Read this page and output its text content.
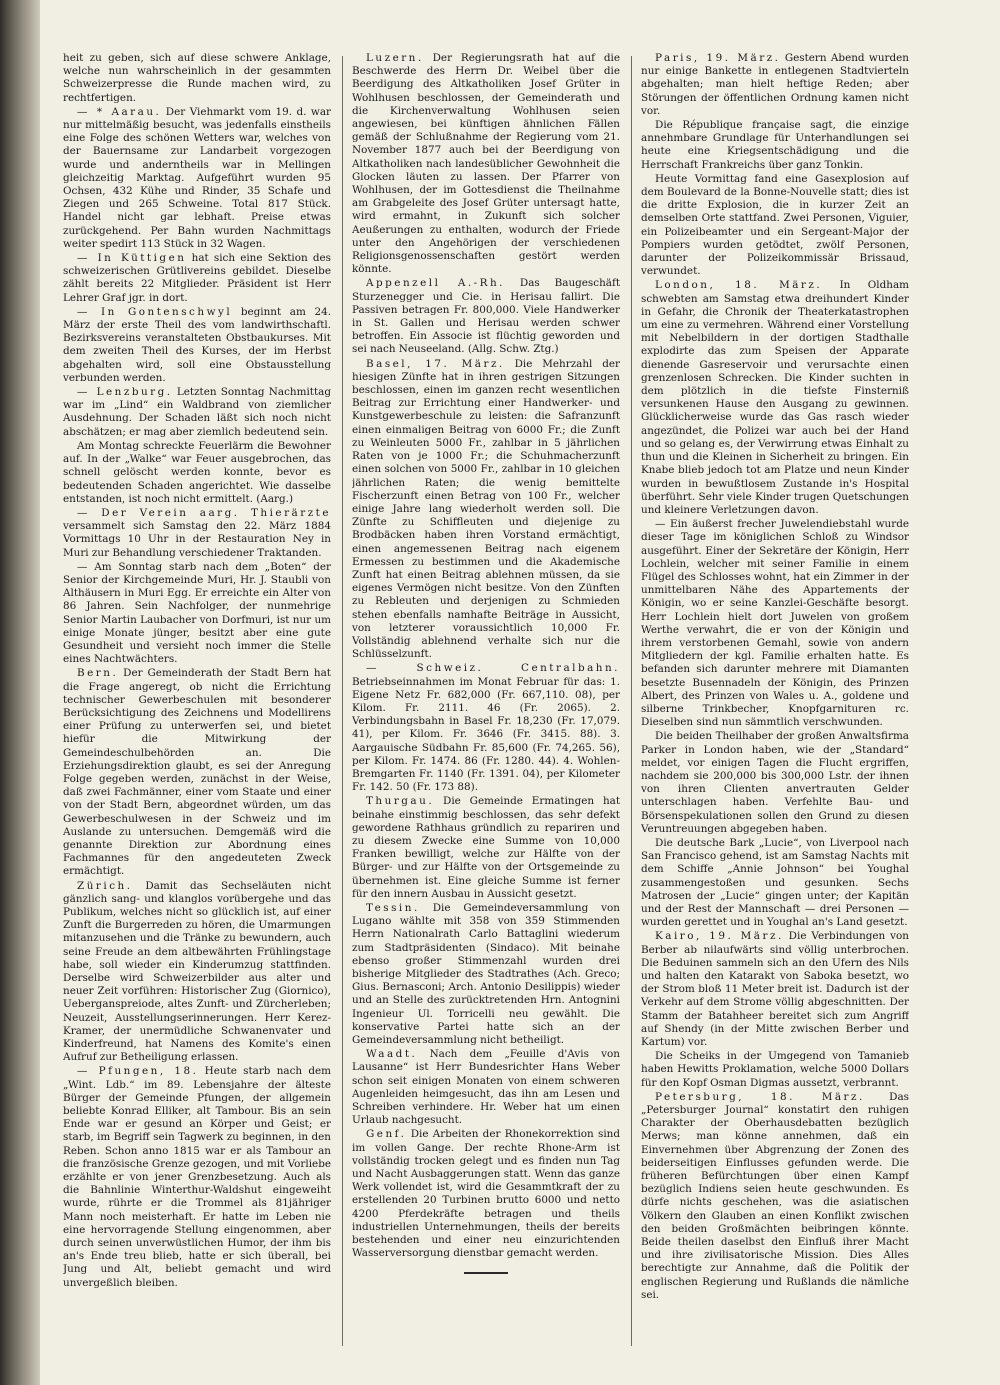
heit zu geben, sich auf diese schwere Anklage, welche nun wahrscheinlich in der gesammten Schweizerpresse die Runde machen wird, zu rechtfertigen.

— * Aarau. Der Viehmarkt vom 19. d. war nur mittelmäßig besucht, was jedenfalls einstheils eine Folge des schönen Wetters war, welches von der Bauernsame zur Landarbeit vorgezogen wurde und anderntheils war in Mellingen gleichzeitig Marktag. Aufgeführt wurden 95 Ochsen, 432 Kühe und Rinder, 35 Schafe und Ziegen und 265 Schweine. Total 817 Stück. Handel nicht gar lebhaft. Preise etwas zurückgehend. Per Bahn wurden Nachmittags weiter spedirt 113 Stück in 32 Wagen.

— In Küttigen hat sich eine Sektion des schweizerischen Grütlivereins gebildet. Dieselbe zählt bereits 22 Mitglieder. Präsident ist Herr Lehrer Graf jgr. in dort.

— In Gontenschwyl beginnt am 24. März der erste Theil des vom landwirthschaftl. Bezirksvereins veranstalteten Obstbaukurses. Mit dem zweiten Theil des Kurses, der im Herbst abgehalten wird, soll eine Obstausstellung verbunden werden.

— Lenzburg. Letzten Sonntag Nachmittag war im „Lind“ ein Waldbrand von ziemlicher Ausdehnung. Der Schaden läßt sich noch nicht abschätzen; er mag aber ziemlich bedeutend sein.

Am Montag schreckte Feuerlärm die Bewohner auf. In der „Walke“ war Feuer ausgebrochen, das schnell gelöscht werden konnte, bevor es bedeutenden Schaden angerichtet. Wie dasselbe entstanden, ist noch nicht ermittelt. (Aarg.)

— Der Verein aarg. Thierärzte versammelt sich Samstag den 22. März 1884 Vormittags 10 Uhr in der Restauration Ney in Muri zur Behandlung verschiedener Traktanden.

— Am Sonntag starb nach dem „Boten“ der Senior der Kirchgemeinde Muri, Hr. J. Staubli von Althäusern in Muri Egg. Er erreichte ein Alter von 86 Jahren. Sein Nachfolger, der nunmehrige Senior Martin Laubacher von Dorfmuri, ist nur um einige Monate jünger, besitzt aber eine gute Gesundheit und versieht noch immer die Stelle eines Nachtwächters.

Bern. Der Gemeinderath der Stadt Bern hat die Frage angeregt, ob nicht die Errichtung technischer Gewerbeschulen mit besonderer Berücksichtigung des Zeichnens und Modellirens einer Prüfung zu unterwerfen sei, und bietet hiefür die Mitwirkung der Gemeindeschulbehörden an. Die Erziehungsdirektion glaubt, es sei der Anregung Folge gegeben werden, zunächst in der Weise, daß zwei Fachmänner, einer vom Staate und einer von der Stadt Bern, abgeordnet würden, um das Gewerbeschulwesen in der Schweiz und im Auslande zu untersuchen. Demgemäß wird die genannte Direktion zur Abordnung eines Fachmannes für den angedeuteten Zweck ermächtigt.

Zürich. Damit das Sechseläuten nicht gänzlich sang- und klanglos vorübergehe und das Publikum, welches nicht so glücklich ist, auf einer Zunft die Burgerreden zu hören, die Umarmungen mitanzusehen und die Tränke zu bewundern, auch seine Freude an dem altbewährten Frühlingstage habe, soll wieder ein Kinderumzug stattfinden. Derselbe wird Schweizerbilder aus alter und neuer Zeit vorführen: Historischer Zug (Giornico), Ueberganspreiode, altes Zunft- und Zürcherleben; Neuzeit, Ausstellungserinnerungen. Herr Kerez-Kramer, der unermüdliche Schwanenvater und Kinderfreund, hat Namens des Komite's einen Aufruf zur Betheiligung erlassen.

— Pfungen, 18. Heute starb nach dem „Wint. Ldb.“ im 89. Lebensjahre der älteste Bürger der Gemeinde Pfungen, der allgemein beliebte Konrad Elliker, alt Tambour. Bis an sein Ende war er gesund an Körper und Geist; er starb, im Begriff sein Tagwerk zu beginnen, in den Reben. Schon anno 1815 war er als Tambour an die französische Grenze gezogen, und mit Vorliebe erzählte er von jener Grenzbesetzung. Auch als die Bahnlinie Winterthur-Waldshut eingeweiht wurde, rührte er die Trommel als 81jähriger Mann noch meisterhaft. Er hatte im Leben nie eine hervorragende Stellung eingenommen, aber durch seinen unverwüstlichen Humor, der ihm bis an's Ende treu blieb, hatte er sich überall, bei Jung und Alt, beliebt gemacht und wird unvergeßlich bleiben.

Luzern. Der Regierungsrath hat auf die Beschwerde des Herrn Dr. Weibel über die Beerdigung des Altkatholiken Josef Grüter in Wohlhusen beschlossen, der Gemeinderath und die Kirchenverwaltung Wohlhusen seien angewiesen, bei künftigen ähnlichen Fällen gemäß der Schlußnahme der Regierung vom 21. November 1877 auch bei der Beerdigung von Altkatholiken nach landesüblicher Gewohnheit die Glocken läuten zu lassen. Der Pfarrer von Wohlhusen, der im Gottesdienst die Theilnahme am Grabgeleite des Josef Grüter untersagt hatte, wird ermahnt, in Zukunft sich solcher Aeußerungen zu enthalten, wodurch der Friede unter den Angehörigen der verschiedenen Religionsgenossenschaften gestört werden könnte.

Appenzell A.-Rh. Das Baugeschäft Sturzenegger und Cie. in Herisau fallirt. Die Passiven betragen Fr. 800,000. Viele Handwerker in St. Gallen und Herisau werden schwer betroffen. Ein Associe ist flüchtig geworden und sei nach Neuseeland. (Allg. Schw. Ztg.)

Basel, 17. März. Die Mehrzahl der hiesigen Zünfte hat in ihren gestrigen Sitzungen beschlossen, einen im ganzen recht wesentlichen Beitrag zur Errichtung einer Handwerker- und Kunstgewerbeschule zu leisten: die Safranzunft einen einmaligen Beitrag von 6000 Fr.; die Zunft zu Weinleuten 5000 Fr., zahlbar in 5 jährlichen Raten von je 1000 Fr.; die Schuhmacherzunft einen solchen von 5000 Fr., zahlbar in 10 gleichen jährlichen Raten; die wenig bemittelte Fischerzunft einen Betrag von 100 Fr., welcher einige Jahre lang wiederholt werden soll. Die Zünfte zu Schiffleuten und diejenige zu Brodbäcken haben ihren Vorstand ermächtigt, einen angemessenen Beitrag nach eigenem Ermessen zu bestimmen und die Akademische Zunft hat einen Beitrag ablehnen müssen, da sie eigenes Vermögen nicht besitze. Von den Zünften zu Rebleuten und derjenigen zu Schmieden stehen ebenfalls namhafte Beiträge in Aussicht, von letzterer voraussichtlich 10,000 Fr. Vollständig ablehnend verhalte sich nur die Schlüsselzunft.

— Schweiz. Centralbahn. Betriebseinnahmen im Monat Februar für das: 1. Eigene Netz Fr. 682,000 (Fr. 667,110. 08), per Kilom. Fr. 2111. 46 (Fr. 2065). 2. Verbindungsbahn in Basel Fr. 18,230 (Fr. 17,079. 41), per Kilom. Fr. 3646 (Fr. 3415. 88). 3. Aargauische Südbahn Fr. 85,600 (Fr. 74,265. 56), per Kilom. Fr. 1474. 86 (Fr. 1280. 44). 4. Wohlen-Bremgarten Fr. 1140 (Fr. 1391. 04), per Kilometer Fr. 142. 50 (Fr. 173 88).

Thurgau. Die Gemeinde Ermatingen hat beinahe einstimmig beschlossen, das sehr defekt gewordene Rathhaus gründlich zu repariren und zu diesem Zwecke eine Summe von 10,000 Franken bewilligt, welche zur Hälfte von der Bürger- und zur Hälfte von der Ortsgemeinde zu übernehmen ist. Eine gleiche Summe ist ferner für den innern Ausbau in Aussicht gesetzt.

Tessin. Die Gemeindeversammlung von Lugano wählte mit 358 von 359 Stimmenden Herrn Nationalrath Carlo Battaglini wiederum zum Stadtpräsidenten (Sindaco). Mit beinahe ebenso großer Stimmenzahl wurden drei bisherige Mitglieder des Stadtrathes (Ach. Greco; Gius. Bernasconi; Arch. Antonio Desilippis) wieder und an Stelle des zurücktretenden Hrn. Antognini Ingenieur Ul. Torricelli neu gewählt. Die konservative Partei hatte sich an der Gemeindeversammlung nicht betheiligt.

Waadt. Nach dem „Feuille d'Avis von Lausanne“ ist Herr Bundesrichter Hans Weber schon seit einigen Monaten von einem schweren Augenleiden heimgesucht, das ihn am Lesen und Schreiben verhindere. Hr. Weber hat um einen Urlaub nachgesucht.

Genf. Die Arbeiten der Rhonekorrektion sind im vollen Gange. Der rechte Rhone-Arm ist vollständig trocken gelegt und es finden nun Tag und Nacht Ausbaggerungen statt. Wenn das ganze Werk vollendet ist, wird die Gesammtkraft der zu erstellenden 20 Turbinen brutto 6000 und netto 4200 Pferdekräfte betragen und theils industriellen Unternehmungen, theils der bereits bestehenden und einer neu einzurichtenden Wasserversorgung dienstbar gemacht werden.

Paris, 19. März. Gestern Abend wurden nur einige Bankette in entlegenen Stadtvierteln abgehalten; man hielt heftige Reden; aber Störungen der öffentlichen Ordnung kamen nicht vor.

Die République française sagt, die einzige annehmbare Grundlage für Unterhandlungen sei heute eine Kriegsentschädigung und die Herrschaft Frankreichs über ganz Tonkin.

Heute Vormittag fand eine Gasexplosion auf dem Boulevard de la Bonne-Nouvelle statt; dies ist die dritte Explosion, die in kurzer Zeit an demselben Orte stattfand. Zwei Personen, Viguier, ein Polizeibeamter und ein Sergeant-Major der Pompiers wurden getödtet, zwölf Personen, darunter der Polizeikommissär Brissaud, verwundet.

London, 18. März. In Oldham schwebten am Samstag etwa dreihundert Kinder in Gefahr, die Chronik der Theaterkatastrophen um eine zu vermehren. Während einer Vorstellung mit Nebelbildern in der dortigen Stadthalle explodirte das zum Speisen der Apparate dienende Gasreservoir und verursachte einen grenzenlosen Schrecken. Die Kinder suchten in dem plötzlich in die tiefste Finsterniß versunkenen Hause den Ausgang zu gewinnen. Glücklicherweise wurde das Gas rasch wieder angezündet, die Polizei war auch bei der Hand und so gelang es, der Verwirrung etwas Einhalt zu thun und die Kleinen in Sicherheit zu bringen. Ein Knabe blieb jedoch tot am Platze und neun Kinder wurden in bewußtlosem Zustande in's Hospital überführt. Sehr viele Kinder trugen Quetschungen und kleinere Verletzungen davon.

— Ein äußerst frecher Juwelendiebstahl wurde dieser Tage im königlichen Schloß zu Windsor ausgeführt. Einer der Sekretäre der Königin, Herr Lochlein, welcher mit seiner Familie in einem Flügel des Schlosses wohnt, hat ein Zimmer in der unmittelbaren Nähe des Appartements der Königin, wo er seine Kanzlei-Geschäfte besorgt. Herr Lochlein hielt dort Juwelen von großem Werthe verwahrt, die er von der Königin und ihrem verstorbenen Gemahl, sowie von andern Mitgliedern der kgl. Familie erhalten hatte. Es befanden sich darunter mehrere mit Diamanten besetzte Busennadeln der Königin, des Prinzen Albert, des Prinzen von Wales u. A., goldene und silberne Trinkbecher, Knopfgarnituren rc. Dieselben sind nun sämmtlich verschwunden.

Die beiden Theilhaber der großen Anwaltsfirma Parker in London haben, wie der „Standard“ meldet, vor einigen Tagen die Flucht ergriffen, nachdem sie 200,000 bis 300,000 Lstr. der ihnen von ihren Clienten anvertrauten Gelder unterschlagen haben. Verfehlte Bau- und Börsenspekulationen sollen den Grund zu diesen Veruntreuungen abgegeben haben.

Die deutsche Bark „Lucie“, von Liverpool nach San Francisco gehend, ist am Samstag Nachts mit dem Schiffe „Annie Johnson“ bei Youghal zusammengestoßen und gesunken. Sechs Matrosen der „Lucie“ gingen unter; der Kapitän und der Rest der Mannschaft — drei Personen — wurden gerettet und in Youghal an's Land gesetzt.

Kairo, 19. März. Die Verbindungen von Berber ab nilaufwärts sind völlig unterbrochen. Die Beduinen sammeln sich an den Ufern des Nils und halten den Katarakt von Saboka besetzt, wo der Strom bloß 11 Meter breit ist. Dadurch ist der Verkehr auf dem Strome völlig abgeschnitten. Der Stamm der Batahheer bereitet sich zum Angriff auf Shendy (in der Mitte zwischen Berber und Kartum) vor.

Die Scheiks in der Umgegend von Tamanieb haben Hewitts Proklamation, welche 5000 Dollars für den Kopf Osman Digmas aussetzt, verbrannt.

Petersburg, 18. März. Das „Petersburger Journal“ konstatirt den ruhigen Charakter der Oberhausdebatten bezüglich Merws; man könne annehmen, daß ein Einvernehmen über Abgrenzung der Zonen des beiderseitigen Einflusses gefunden werde. Die früheren Befürchtungen über einen Kampf bezüglich Indiens seien heute geschwunden. Es dürfe nichts geschehen, was die asiatischen Völkern den Glauben an einen Konflikt zwischen den beiden Großmächten beibringen könnte. Beide theilen daselbst den Einfluß ihrer Macht und ihre zivilisatorische Mission. Dies Alles berechtigte zur Annahme, daß die Politik der englischen Regierung und Rußlands die nämliche sei.
